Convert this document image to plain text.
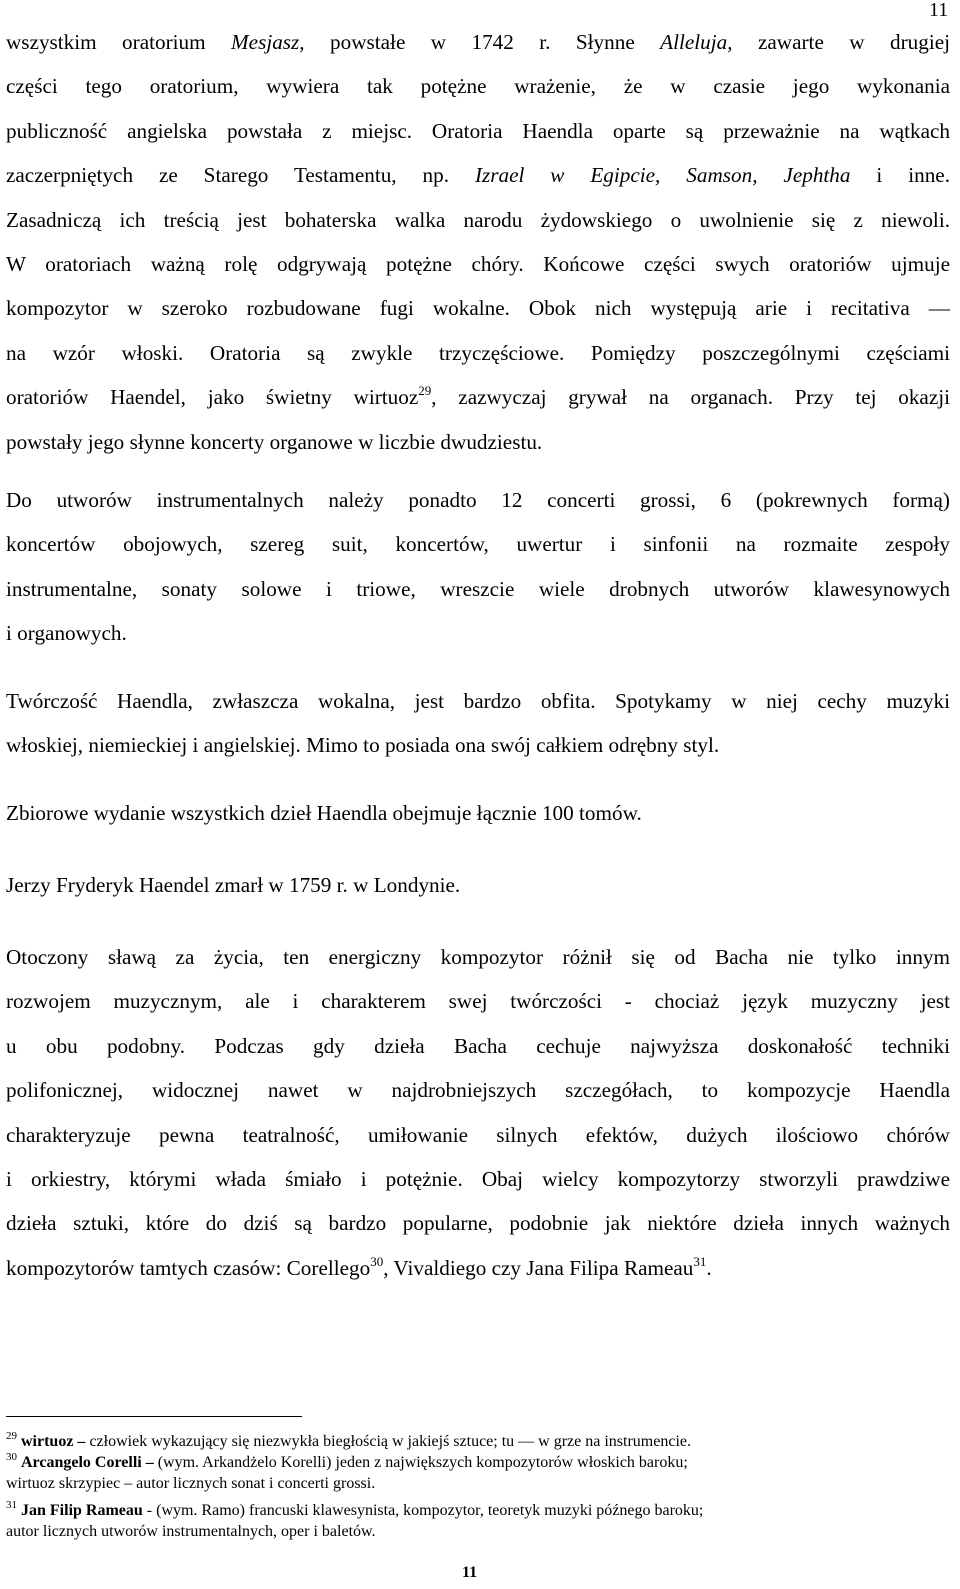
11
wszystkim oratorium Mesjasz, powstałe w 1742 r. Słynne Alleluja, zawarte w drugiej
części tego oratorium, wywiera tak potężne wrażenie, że w czasie jego wykonania
publiczność angielska powstała z miejsc. Oratoria Haendla oparte są przeważnie na wątkach
zaczerpniętych ze Starego Testamentu, np. Izrael w Egipcie, Samson, Jephtha i inne.
Zasadniczą ich treścią jest bohaterska walka narodu żydowskiego o uwolnienie się z niewoli.
W oratoriach ważną rolę odgrywają potężne chóry. Końcowe części swych oratoriów ujmuje
kompozytor w szeroko rozbudowane fugi wokalne. Obok nich występują arie i recitativa —
na wzór włoski. Oratoria są zwykle trzyczęściowe. Pomiędzy poszczególnymi częściami
oratoriów Haendel, jako świetny wirtuoz$^{29}$, zazwyczaj grywał na organach. Przy tej okazji
powstały jego słynne koncerty organowe w liczbie dwudziestu.
Do utworów instrumentalnych należy ponadto 12 concerti grossi, 6 (pokrewnych formą)
koncertów obojowych, szereg suit, koncertów, uwertur i sinfonii na rozmaite zespoły
instrumentalne, sonaty solowe i triowe, wreszcie wiele drobnych utworów klawesynowych
i organowych.
Twórczość Haendla, zwłaszcza wokalna, jest bardzo obfita. Spotykamy w niej cechy muzyki
włoskiej, niemieckiej i angielskiej. Mimo to posiada ona swój całkiem odrębny styl.
Zbiorowe wydanie wszystkich dzieł Haendla obejmuje łącznie 100 tomów.
Jerzy Fryderyk Haendel zmarł w 1759 r. w Londynie.
Otoczony sławą za życia, ten energiczny kompozytor różnił się od Bacha nie tylko innym
rozwojem muzycznym, ale i charakterem swej twórczości - chociaż język muzyczny jest
u obu podobny. Podczas gdy dzieła Bacha cechuje najwyższa doskonałość techniki
polifonicznej, widocznej nawet w najdrobniejszych szczegółach, to kompozycje Haendla
charakteryzuje pewna teatralność, umiłowanie silnych efektów, dużych ilościowo chórów
i orkiestry, którymi włada śmiało i potężnie. Obaj wielcy kompozytorzy stworzyli prawdziwe
dzieła sztuki, które do dziś są bardzo popularne, podobnie jak niektóre dzieła innych ważnych
kompozytorów tamtych czasów: Corellego$^{30}$, Vivaldiego czy Jana Filipa Rameau$^{31}$.
$^{29}$ wirtuoz – człowiek wykazujący się niezwykła biegłością w jakiejś sztuce; tu — w grze na instrumencie.
$^{30}$ Arcangelo Corelli – (wym. Arkandżelo Korelli) jeden z największych kompozytorów włoskich baroku;
wirtuoz skrzypiec – autor licznych sonat i concerti grossi.
$^{31}$ Jan Filip Rameau - (wym. Ramo) francuski klawesynista, kompozytor, teoretyk muzyki późnego baroku;
autor licznych utworów instrumentalnych, oper i baletów.
11
